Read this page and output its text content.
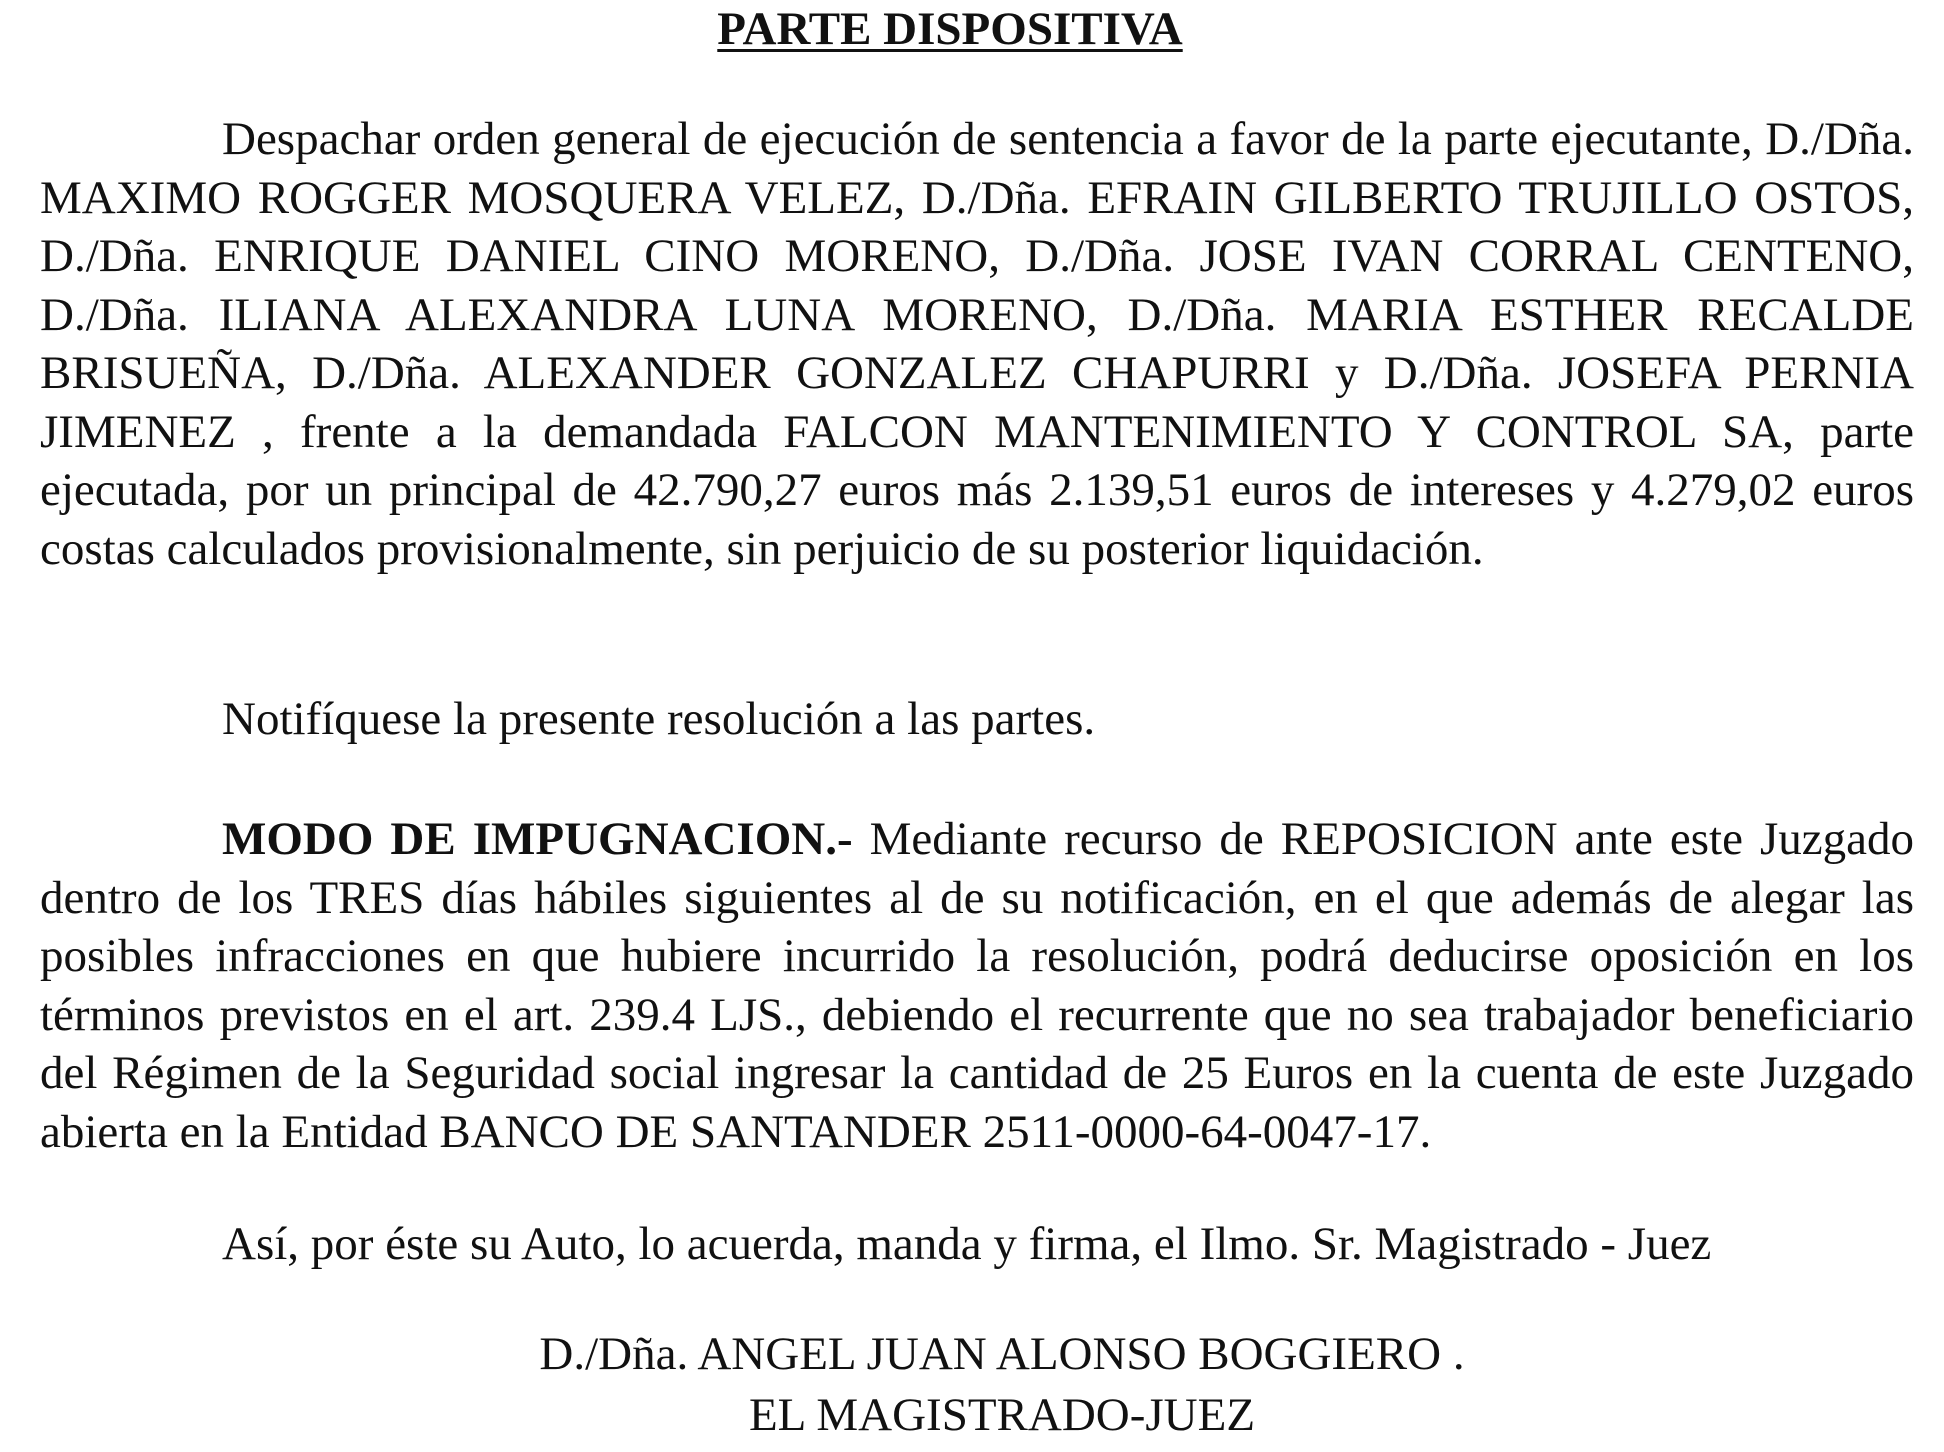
PARTE DISPOSITIVA

Despachar orden general de ejecución de sentencia a favor de la parte ejecutante, D./Dña. MAXIMO ROGGER MOSQUERA VELEZ, D./Dña. EFRAIN GILBERTO TRUJILLO OSTOS, D./Dña. ENRIQUE DANIEL CINO MORENO, D./Dña. JOSE IVAN CORRAL CENTENO, D./Dña. ILIANA ALEXANDRA LUNA MORENO, D./Dña. MARIA ESTHER RECALDE BRISUEÑA, D./Dña. ALEXANDER GONZALEZ CHAPURRI y D./Dña. JOSEFA PERNIA JIMENEZ , frente a la demandada FALCON MANTENIMIENTO Y CONTROL SA, parte ejecutada, por un principal de 42.790,27 euros más 2.139,51 euros de intereses y 4.279,02 euros costas calculados provisionalmente, sin perjuicio de su posterior liquidación.

Notifíquese la presente resolución a las partes.

MODO DE IMPUGNACION.- Mediante recurso de REPOSICION ante este Juzgado dentro de los TRES días hábiles siguientes al de su notificación, en el que además de alegar las posibles infracciones en que hubiere incurrido la resolución, podrá deducirse oposición en los términos previstos en el art. 239.4 LJS., debiendo el recurrente que no sea trabajador beneficiario del Régimen de la Seguridad social ingresar la cantidad de 25 Euros en la cuenta de este Juzgado abierta en la Entidad BANCO DE SANTANDER 2511-0000-64-0047-17.

Así, por éste su Auto, lo acuerda, manda y firma, el Ilmo. Sr. Magistrado - Juez

D./Dña. ANGEL JUAN ALONSO BOGGIERO .
EL MAGISTRADO-JUEZ
